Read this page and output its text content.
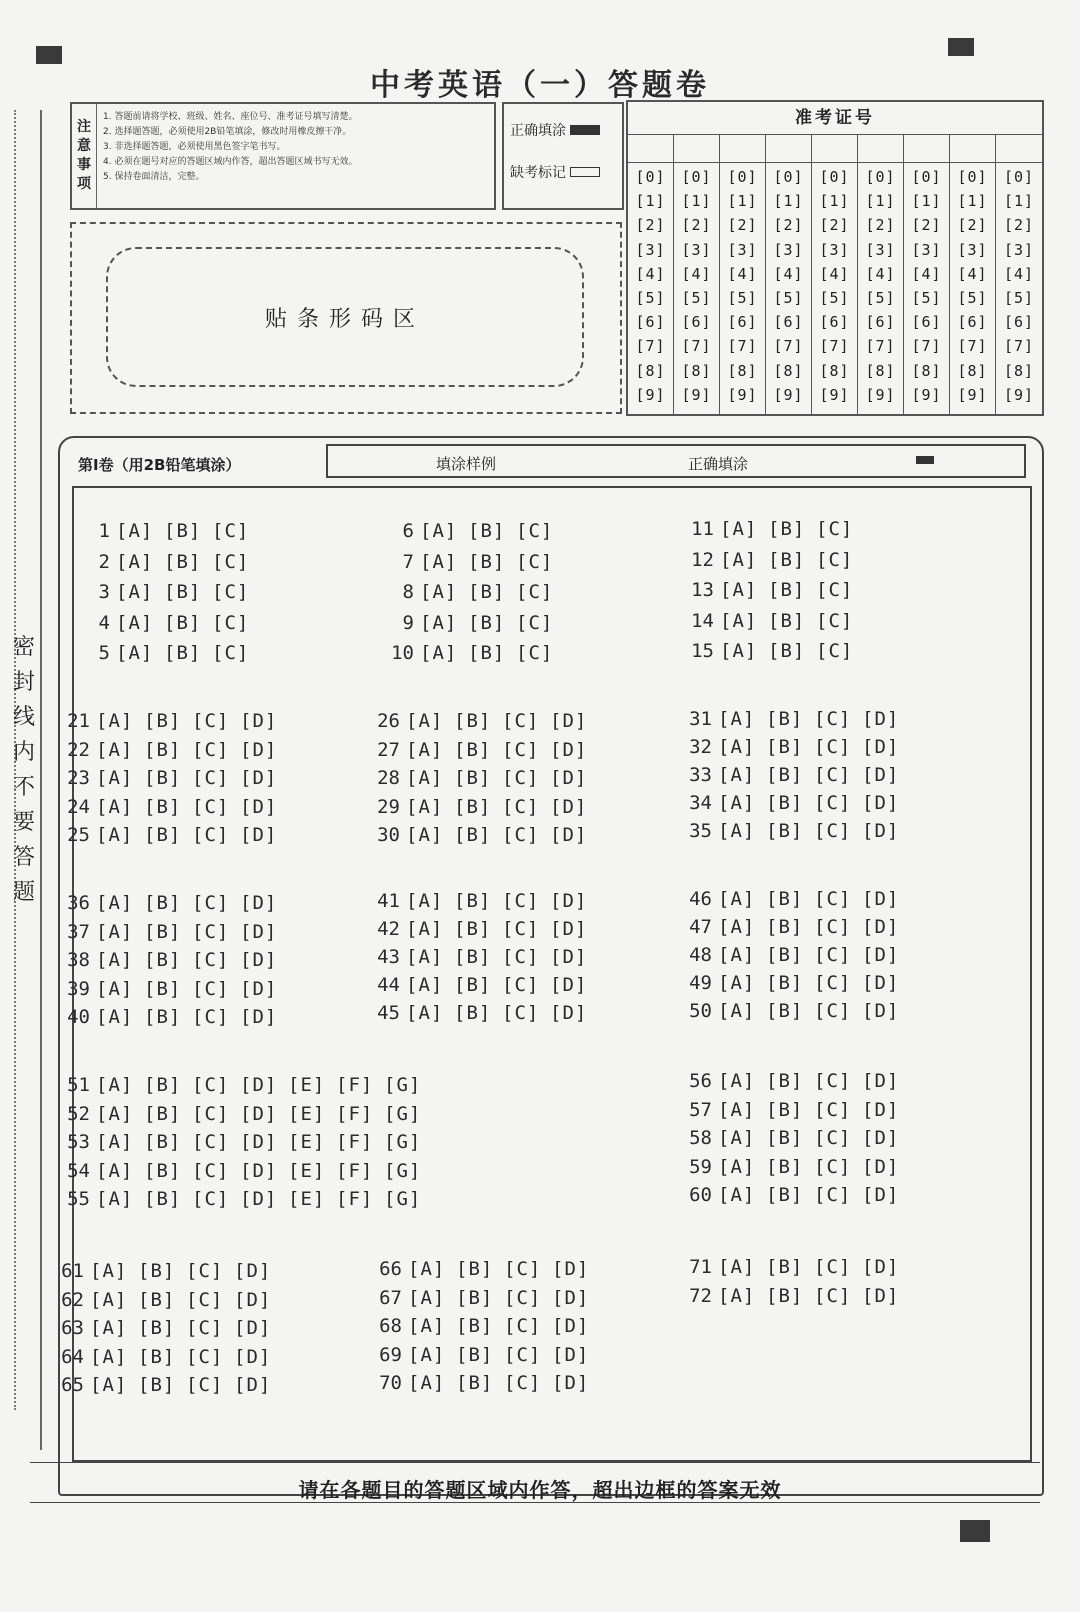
中考英语（一）答题卷
注
意
事
项
1. 答题前请将学校、班级、姓名、座位号、准考证号填写清楚。
2. 选择题答题，必须使用2B铅笔填涂，修改时用橡皮擦干净。
3. 非选择题答题，必须使用黑色签字笔书写。
4. 必须在题号对应的答题区域内作答，超出答题区域书写无效。
5. 保持卷面清洁，完整。
正确填涂
缺考标记
贴条形码区
准考证号
[0]
[1]
[2]
[3]
[4]
[5]
[6]
[7]
[8]
[9]
[0]
[1]
[2]
[3]
[4]
[5]
[6]
[7]
[8]
[9]
[0]
[1]
[2]
[3]
[4]
[5]
[6]
[7]
[8]
[9]
[0]
[1]
[2]
[3]
[4]
[5]
[6]
[7]
[8]
[9]
[0]
[1]
[2]
[3]
[4]
[5]
[6]
[7]
[8]
[9]
[0]
[1]
[2]
[3]
[4]
[5]
[6]
[7]
[8]
[9]
[0]
[1]
[2]
[3]
[4]
[5]
[6]
[7]
[8]
[9]
[0]
[1]
[2]
[3]
[4]
[5]
[6]
[7]
[8]
[9]
[0]
[1]
[2]
[3]
[4]
[5]
[6]
[7]
[8]
[9]
密
封
线
内
不
要
答
题
第Ⅰ卷（用2B铅笔填涂）	填涂样例	正确填涂
1 [A] [B] [C]
2 [A] [B] [C]
3 [A] [B] [C]
4 [A] [B] [C]
5 [A] [B] [C]
6 [A] [B] [C]
7 [A] [B] [C]
8 [A] [B] [C]
9 [A] [B] [C]
10 [A] [B] [C]
11 [A] [B] [C]
12 [A] [B] [C]
13 [A] [B] [C]
14 [A] [B] [C]
15 [A] [B] [C]
21 [A] [B] [C] [D]
22 [A] [B] [C] [D]
23 [A] [B] [C] [D]
24 [A] [B] [C] [D]
25 [A] [B] [C] [D]
26 [A] [B] [C] [D]
27 [A] [B] [C] [D]
28 [A] [B] [C] [D]
29 [A] [B] [C] [D]
30 [A] [B] [C] [D]
31 [A] [B] [C] [D]
32 [A] [B] [C] [D]
33 [A] [B] [C] [D]
34 [A] [B] [C] [D]
35 [A] [B] [C] [D]
36 [A] [B] [C] [D]
37 [A] [B] [C] [D]
38 [A] [B] [C] [D]
39 [A] [B] [C] [D]
40 [A] [B] [C] [D]
41 [A] [B] [C] [D]
42 [A] [B] [C] [D]
43 [A] [B] [C] [D]
44 [A] [B] [C] [D]
45 [A] [B] [C] [D]
46 [A] [B] [C] [D]
47 [A] [B] [C] [D]
48 [A] [B] [C] [D]
49 [A] [B] [C] [D]
50 [A] [B] [C] [D]
51 [A] [B] [C] [D] [E] [F] [G]
52 [A] [B] [C] [D] [E] [F] [G]
53 [A] [B] [C] [D] [E] [F] [G]
54 [A] [B] [C] [D] [E] [F] [G]
55 [A] [B] [C] [D] [E] [F] [G]
56 [A] [B] [C] [D]
57 [A] [B] [C] [D]
58 [A] [B] [C] [D]
59 [A] [B] [C] [D]
60 [A] [B] [C] [D]
61 [A] [B] [C] [D]
62 [A] [B] [C] [D]
63 [A] [B] [C] [D]
64 [A] [B] [C] [D]
65 [A] [B] [C] [D]
66 [A] [B] [C] [D]
67 [A] [B] [C] [D]
68 [A] [B] [C] [D]
69 [A] [B] [C] [D]
70 [A] [B] [C] [D]
71 [A] [B] [C] [D]
72 [A] [B] [C] [D]
请在各题目的答题区域内作答，超出边框的答案无效
